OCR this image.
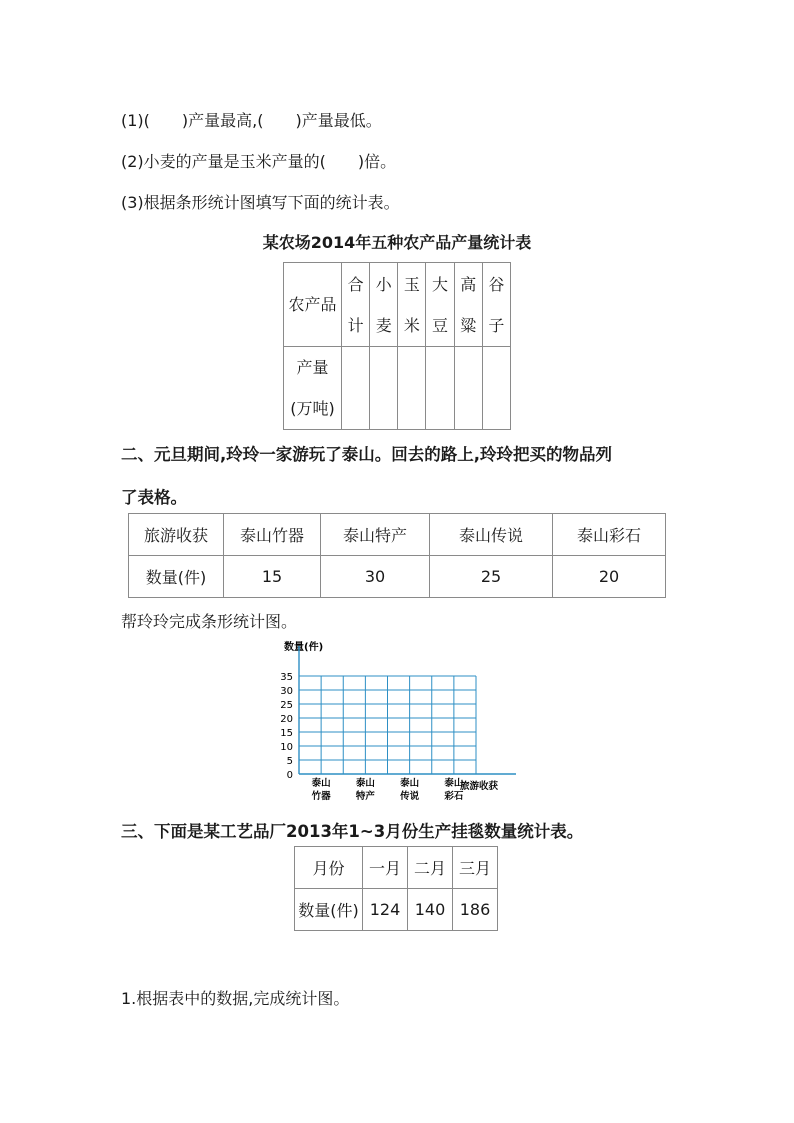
(1)(　　)产量最高,(　　)产量最低。
(2)小麦的产量是玉米产量的(　　)倍。
(3)根据条形统计图填写下面的统计表。
某农场2014年五种农产品产量统计表
农产品	合计	小麦	玉米	大豆	高粱	谷子

产量
(万吨)						

二、元旦期间,玲玲一家游玩了泰山。回去的路上,玲玲把买的物品列
了表格。
旅游收获	泰山竹器	泰山特产	泰山传说	泰山彩石
数量(件)	15	30	25	20
帮玲玲完成条形统计图。
数量(件)
35
30
25
20
15
10
5
0
泰山
竹器
泰山
特产
泰山
传说
泰山
彩石
旅游收获
三、下面是某工艺品厂2013年1~3月份生产挂毯数量统计表。
月份	一月	二月	三月
数量(件)	124	140	186
1.根据表中的数据,完成统计图。
